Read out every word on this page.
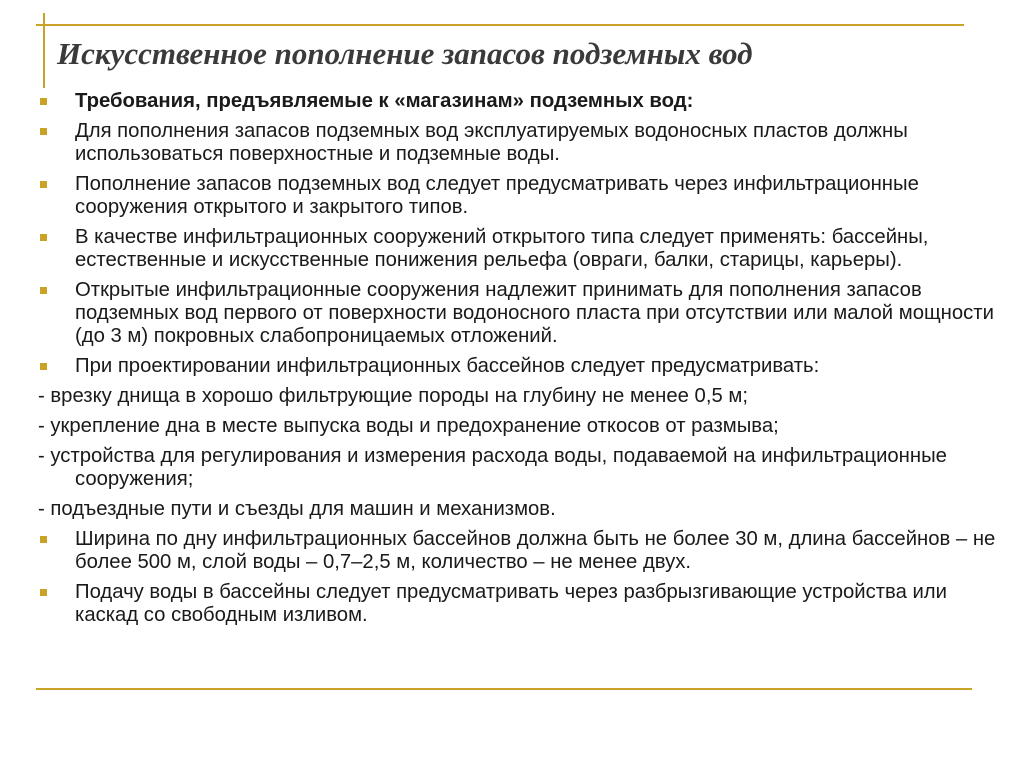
Искусственное пополнение запасов подземных вод
Требования, предъявляемые к «магазинам» подземных вод:
Для пополнения запасов подземных вод эксплуатируемых водоносных пластов должны использоваться поверхностные и подземные воды.
Пополнение запасов подземных вод следует предусматривать через инфильтрационные сооружения открытого и закрытого типов.
В качестве инфильтрационных сооружений открытого типа следует применять: бассейны, естественные и искусственные понижения рельефа (овраги, балки, старицы, карьеры).
Открытые инфильтрационные сооружения надлежит принимать для пополнения запасов подземных вод первого от поверхности водоносного пласта при отсутствии или малой мощности (до 3 м) покровных слабопроницаемых отложений.
При проектировании инфильтрационных бассейнов следует предусматривать:
- врезку днища в хорошо фильтрующие породы на глубину не менее 0,5 м;
- укрепление дна в месте выпуска воды и предохранение откосов от размыва;
- устройства для регулирования и измерения расхода воды, подаваемой на инфильтрационные сооружения;
- подъездные пути и съезды для машин и механизмов.
Ширина по дну инфильтрационных бассейнов должна быть не более 30 м, длина бассейнов – не более 500 м, слой воды – 0,7–2,5 м, количество – не менее двух.
Подачу воды в бассейны следует предусматривать через разбрызгивающие устройства или каскад со свободным изливом.
